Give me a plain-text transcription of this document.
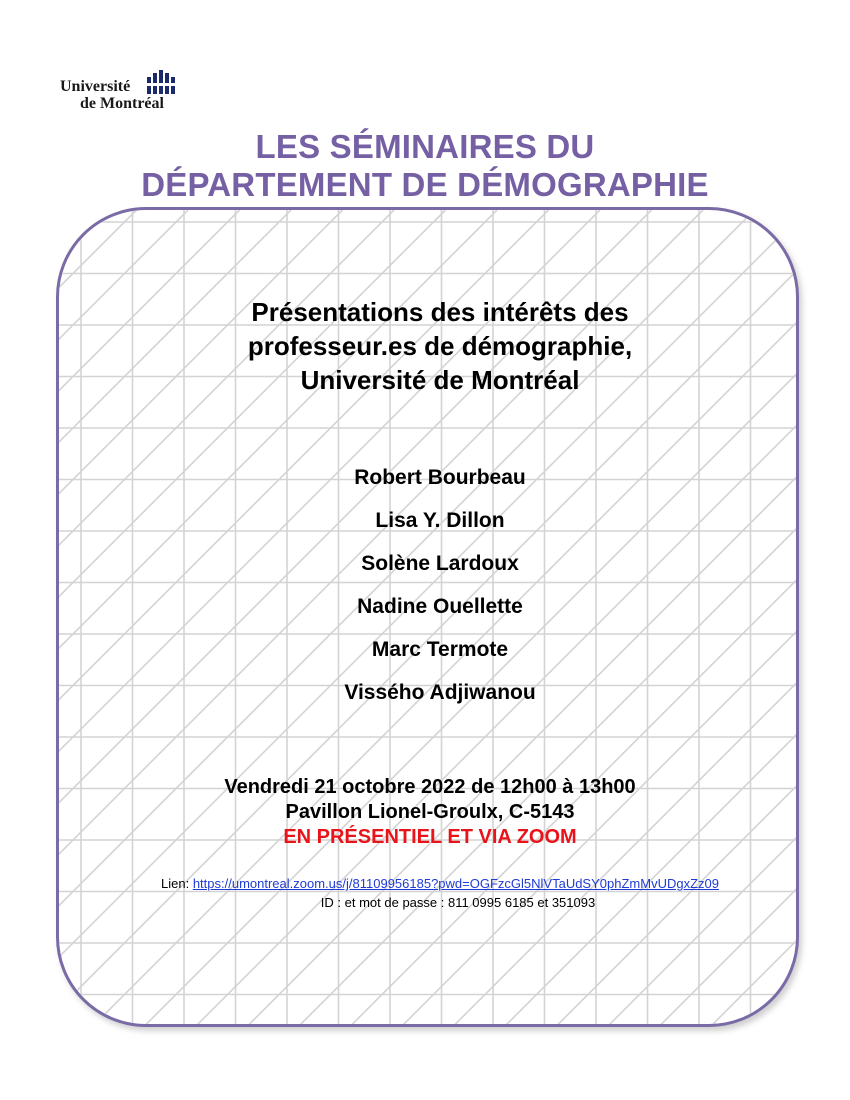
Université
de Montréal
LES SÉMINAIRES DU
DÉPARTEMENT DE DÉMOGRAPHIE
Présentations des intérêts des
professeur.es de démographie,
Université de Montréal
Robert Bourbeau
Lisa Y. Dillon
Solène Lardoux
Nadine Ouellette
Marc Termote
Vissého Adjiwanou
Vendredi 21 octobre 2022 de 12h00 à 13h00
Pavillon Lionel-Groulx, C-5143
EN PRÉSENTIEL ET VIA ZOOM
Lien: https://umontreal.zoom.us/j/81109956185?pwd=OGFzcGl5NlVTaUdSY0phZmMvUDgxZz09
ID : et mot de passe : 811 0995 6185 et 351093
